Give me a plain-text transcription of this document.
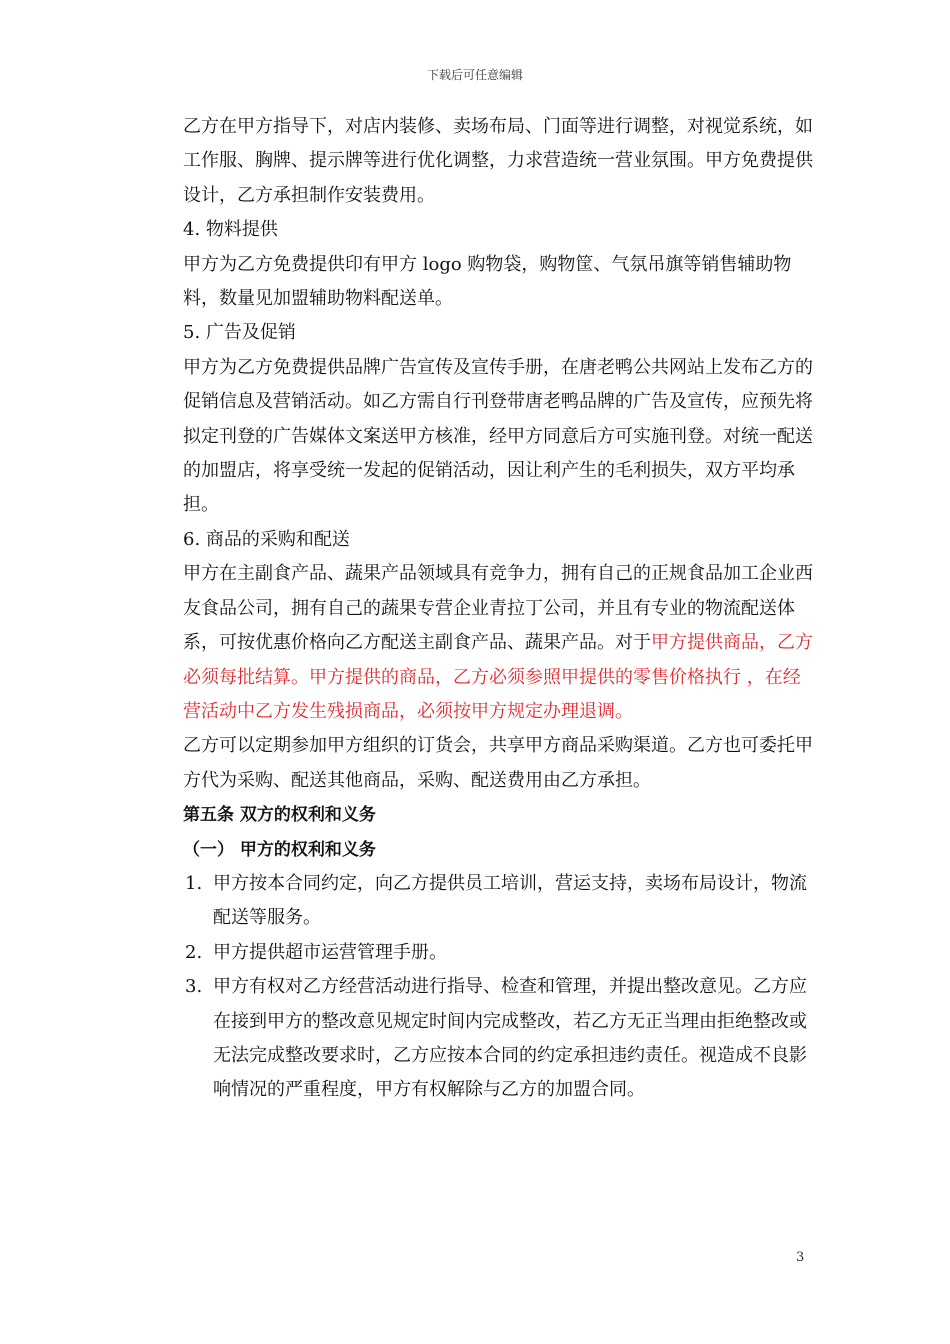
下载后可任意编辑

乙方在甲方指导下，对店内装修、卖场布局、门面等进行调整，对视觉系统，如工作服、胸牌、提示牌等进行优化调整，力求营造统一营业氛围。甲方免费提供设计，乙方承担制作安装费用。

4. 物料提供

甲方为乙方免费提供印有甲方 logo 购物袋，购物筐、气氛吊旗等销售辅助物料，数量见加盟辅助物料配送单。

5. 广告及促销

甲方为乙方免费提供品牌广告宣传及宣传手册，在唐老鸭公共网站上发布乙方的促销信息及营销活动。如乙方需自行刊登带唐老鸭品牌的广告及宣传，应预先将拟定刊登的广告媒体文案送甲方核准，经甲方同意后方可实施刊登。对统一配送的加盟店，将享受统一发起的促销活动，因让利产生的毛利损失，双方平均承担。

6. 商品的采购和配送

甲方在主副食产品、蔬果产品领域具有竞争力，拥有自己的正规食品加工企业西友食品公司，拥有自己的蔬果专营企业青拉丁公司，并且有专业的物流配送体系，可按优惠价格向乙方配送主副食产品、蔬果产品。对于甲方提供商品，乙方必须每批结算。甲方提供的商品，乙方必须参照甲提供的零售价格执行 ，在经营活动中乙方发生残损商品，必须按甲方规定办理退调。

乙方可以定期参加甲方组织的订货会，共享甲方商品采购渠道。乙方也可委托甲方代为采购、配送其他商品，采购、配送费用由乙方承担。

第五条 双方的权利和义务

（一） 甲方的权利和义务

1. 甲方按本合同约定，向乙方提供员工培训，营运支持，卖场布局设计，物流配送等服务。
2. 甲方提供超市运营管理手册。
3. 甲方有权对乙方经营活动进行指导、检查和管理，并提出整改意见。乙方应在接到甲方的整改意见规定时间内完成整改，若乙方无正当理由拒绝整改或无法完成整改要求时，乙方应按本合同的约定承担违约责任。视造成不良影响情况的严重程度，甲方有权解除与乙方的加盟合同。
3
